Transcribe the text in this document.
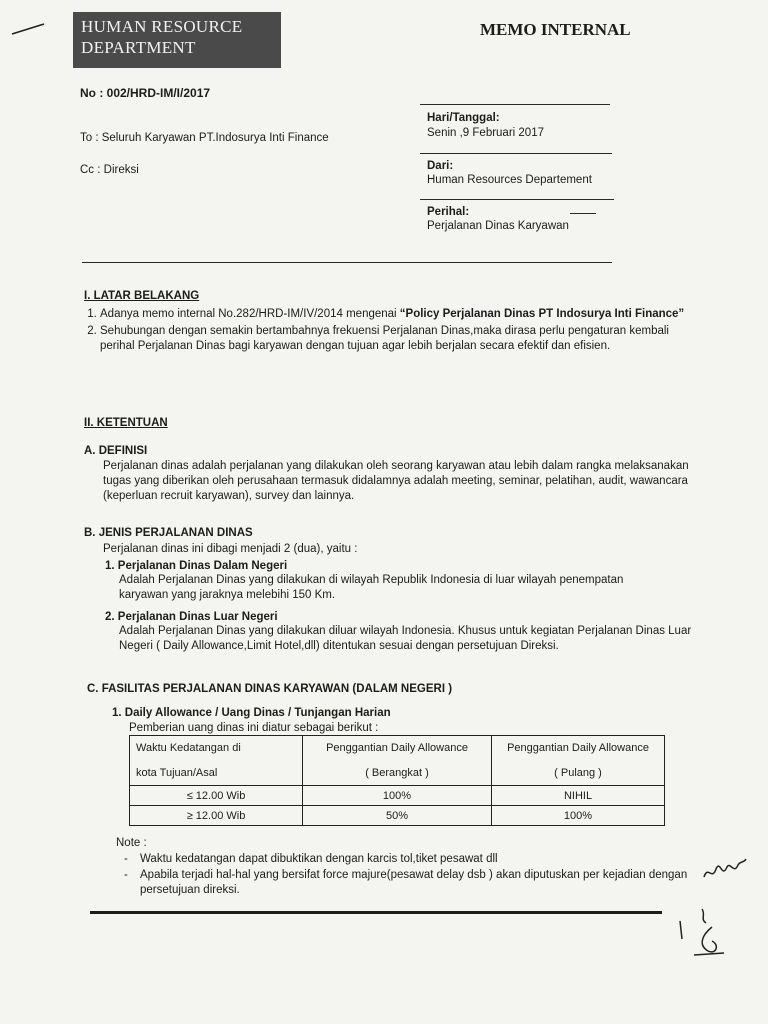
HUMAN RESOURCE
DEPARTMENT
MEMO INTERNAL
No : 002/HRD-IM/I/2017
Hari/Tanggal:
Senin ,9 Februari 2017
To : Seluruh Karyawan PT.Indosurya Inti Finance
Cc : Direksi	Dari:
Human Resources Departement
Perihal:
Perjalanan Dinas Karyawan
I. LATAR BELAKANG
1. Adanya memo internal No.282/HRD-IM/IV/2014 mengenai “Policy Perjalanan Dinas PT Indosurya Inti Finance”
2. Sehubungan dengan semakin bertambahnya frekuensi Perjalanan Dinas,maka dirasa perlu pengaturan kembali perihal Perjalanan Dinas bagi karyawan dengan tujuan agar lebih berjalan secara efektif dan efisien.
II. KETENTUAN
A. DEFINISI
Perjalanan dinas adalah perjalanan yang dilakukan oleh seorang karyawan atau lebih dalam rangka melaksanakan tugas yang diberikan oleh perusahaan termasuk didalamnya adalah meeting, seminar, pelatihan, audit, wawancara (keperluan recruit karyawan), survey dan lainnya.
B. JENIS PERJALANAN DINAS
Perjalanan dinas ini dibagi menjadi 2 (dua), yaitu :
1. Perjalanan Dinas Dalam Negeri
Adalah Perjalanan Dinas yang dilakukan di wilayah Republik Indonesia di luar wilayah penempatan karyawan yang jaraknya melebihi 150 Km.
2. Perjalanan Dinas Luar Negeri
Adalah Perjalanan Dinas yang dilakukan diluar wilayah Indonesia. Khusus untuk kegiatan Perjalanan Dinas Luar Negeri ( Daily Allowance,Limit Hotel,dll) ditentukan sesuai dengan persetujuan Direksi.
C. FASILITAS PERJALANAN DINAS KARYAWAN (DALAM NEGERI )
1. Daily Allowance / Uang Dinas / Tunjangan Harian
Pemberian uang dinas ini diatur sebagai berikut :
Waktu Kedatangan di	Penggantian Daily Allowance	Penggantian Daily Allowance
kota Tujuan/Asal	( Berangkat )	( Pulang )
≤ 12.00 Wib	100%	NIHIL
≥ 12.00 Wib	50%	100%
Note :
- Waktu kedatangan dapat dibuktikan dengan karcis tol,tiket pesawat dll
-	Apabila terjadi hal-hal yang bersifat force majure(pesawat delay dsb ) akan diputuskan per kejadian dengan persetujuan direksi.
